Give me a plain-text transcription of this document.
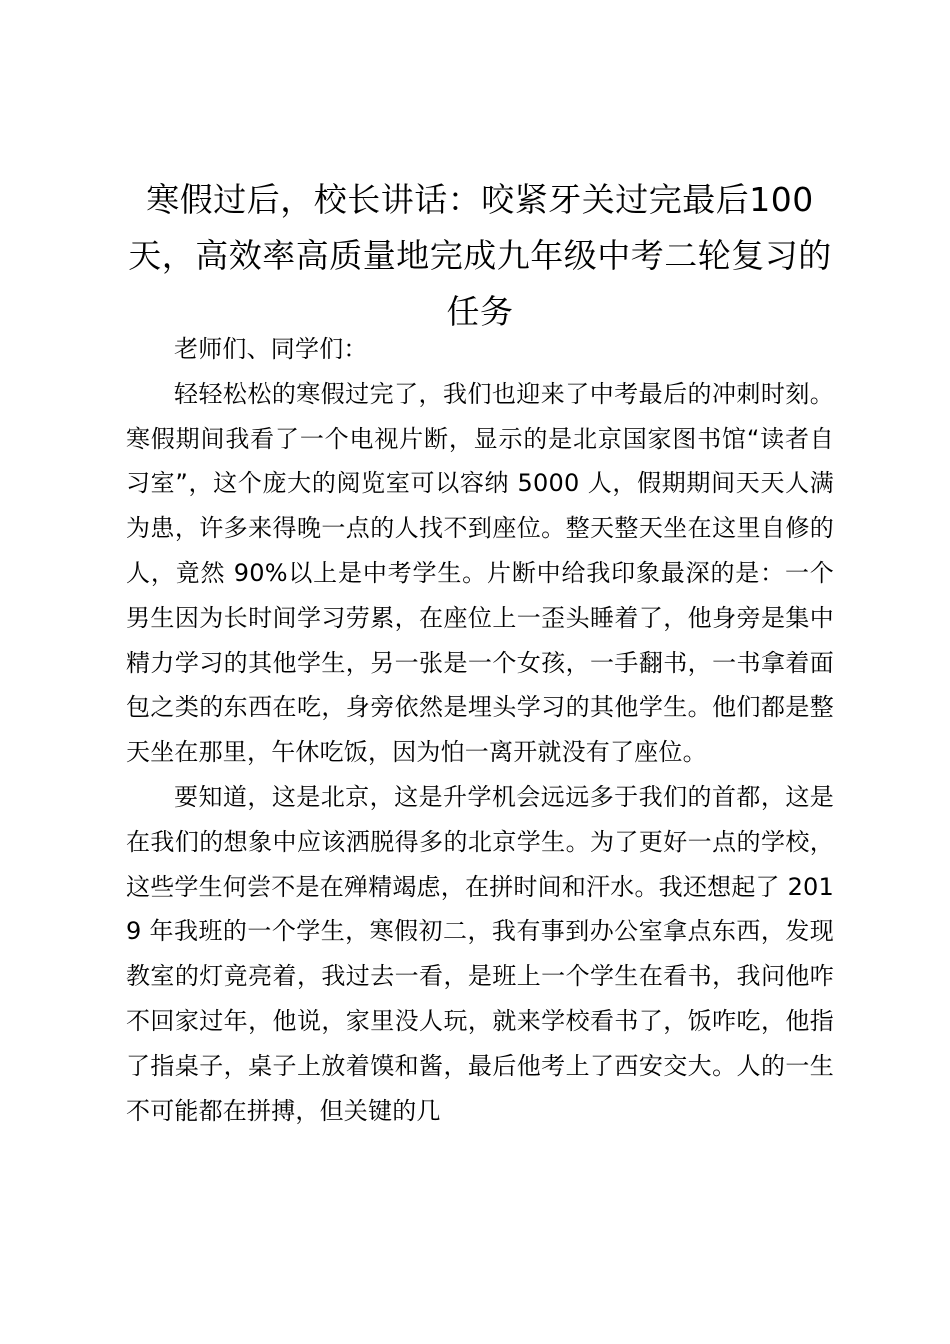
寒假过后，校长讲话：咬紧牙关过完最后100天，高效率高质量地完成九年级中考二轮复习的任务

老师们、同学们：

轻轻松松的寒假过完了，我们也迎来了中考最后的冲刺时刻。寒假期间我看了一个电视片断，显示的是北京国家图书馆“读者自习室”，这个庞大的阅览室可以容纳 5000 人，假期期间天天人满为患，许多来得晚一点的人找不到座位。整天整天坐在这里自修的人，竟然 90%以上是中考学生。片断中给我印象最深的是：一个男生因为长时间学习劳累，在座位上一歪头睡着了，他身旁是集中精力学习的其他学生，另一张是一个女孩，一手翻书，一书拿着面包之类的东西在吃，身旁依然是埋头学习的其他学生。他们都是整天坐在那里，午休吃饭，因为怕一离开就没有了座位。

要知道，这是北京，这是升学机会远远多于我们的首都，这是在我们的想象中应该洒脱得多的北京学生。为了更好一点的学校，这些学生何尝不是在殚精竭虑，在拼时间和汗水。我还想起了 2019 年我班的一个学生，寒假初二，我有事到办公室拿点东西，发现教室的灯竟亮着，我过去一看，是班上一个学生在看书，我问他咋不回家过年，他说，家里没人玩，就来学校看书了，饭咋吃，他指了指桌子，桌子上放着馍和酱，最后他考上了西安交大。人的一生不可能都在拼搏，但关键的几
